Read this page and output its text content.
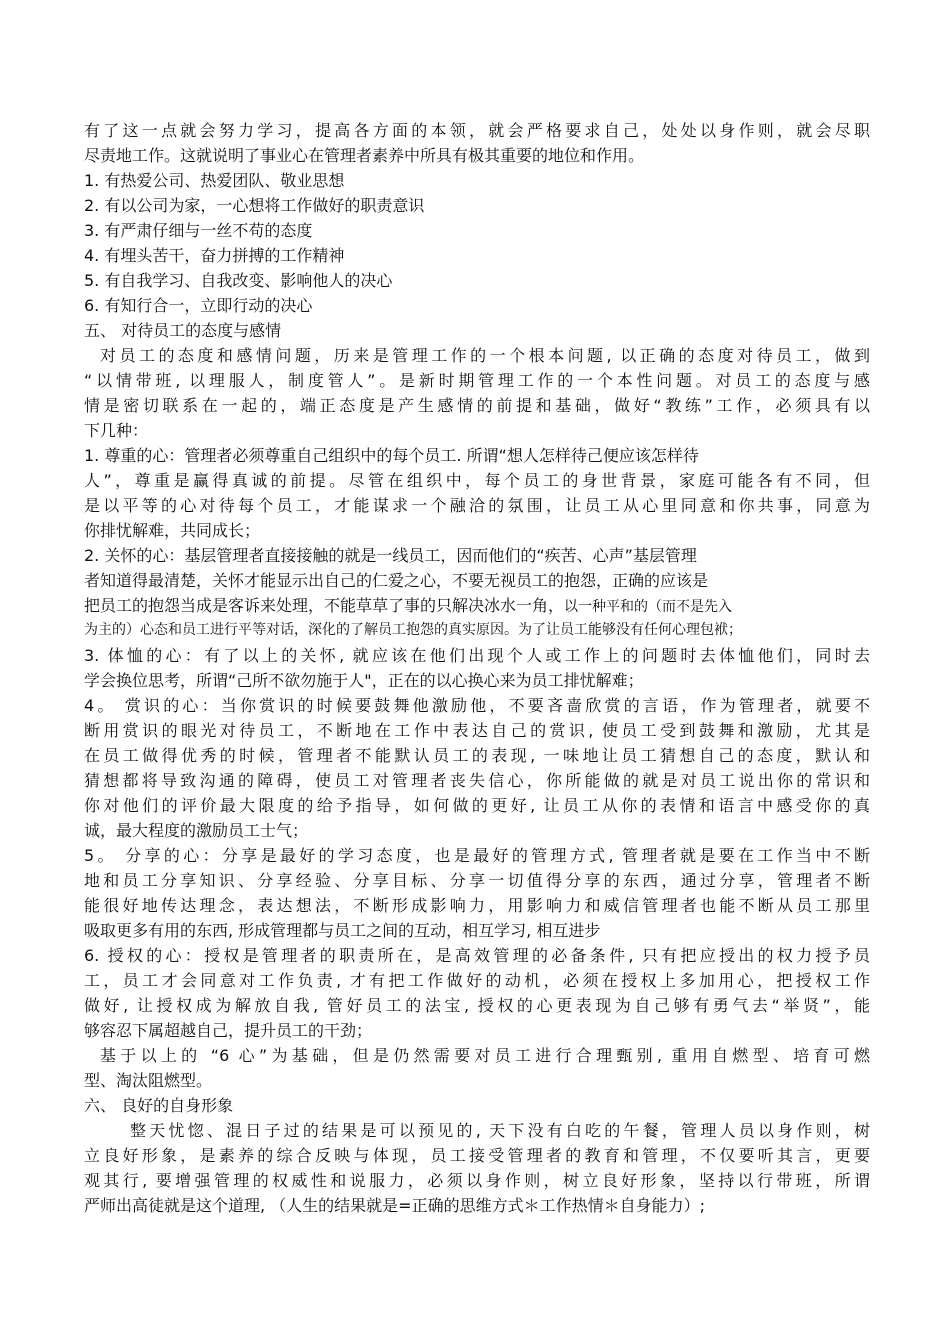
有了这一点就会努力学习，提高各方面的本领，就会严格要求自己，处处以身作则，就会尽职
尽责地工作。这就说明了事业心在管理者素养中所具有极其重要的地位和作用。
1. 有热爱公司、热爱团队、敬业思想
2. 有以公司为家，一心想将工作做好的职责意识
3. 有严肃仔细与一丝不苟的态度
4. 有埋头苦干，奋力拼搏的工作精神
5. 有自我学习、自我改变、影响他人的决心
6. 有知行合一，立即行动的决心
五、 对待员工的态度与感情
对员工的态度和感情问题，历来是管理工作的一个根本问题, 以正确的态度对待员工，做到
“以情带班, 以理服人，制度管人”。是新时期管理工作的一个本性问题。对员工的态度与感
情是密切联系在一起的，端正态度是产生感情的前提和基础，做好“教练”工作，必须具有以
下几种：
1. 尊重的心：管理者必须尊重自己组织中的每个员工. 所谓“想人怎样待己便应该怎样待
人”，尊重是赢得真诚的前提。尽管在组织中，每个员工的身世背景，家庭可能各有不同，但
是以平等的心对待每个员工，才能谋求一个融洽的氛围，让员工从心里同意和你共事，同意为
你排忧解难，共同成长；
2. 关怀的心：基层管理者直接接触的就是一线员工，因而他们的“疾苦、心声”基层管理
者知道得最清楚，关怀才能显示出自己的仁爱之心，不要无视员工的抱怨，正确的应该是
把员工的抱怨当成是客诉来处理，不能草草了事的只解决冰水一角，以一种平和的（而不是先入
为主的）心态和员工进行平等对话，深化的了解员工抱怨的真实原因。为了让员工能够没有任何心理包袱；
3. 体恤的心：有了以上的关怀, 就应该在他们出现个人或工作上的问题时去体恤他们，同时去
学会换位思考，所谓“己所不欲勿施于人"，正在的以心换心来为员工排忧解难；
4。 赏识的心：当你赏识的时候要鼓舞他激励他，不要吝啬欣赏的言语，作为管理者，就要不
断用赏识的眼光对待员工，不断地在工作中表达自己的赏识, 使员工受到鼓舞和激励，尤其是
在员工做得优秀的时候，管理者不能默认员工的表现, 一味地让员工猜想自己的态度，默认和
猜想都将导致沟通的障碍，使员工对管理者丧失信心，你所能做的就是对员工说出你的常识和
你对他们的评价最大限度的给予指导，如何做的更好, 让员工从你的表情和语言中感受你的真
诚，最大程度的激励员工士气；
5。 分享的心：分享是最好的学习态度，也是最好的管理方式, 管理者就是要在工作当中不断
地和员工分享知识、分享经验、分享目标、分享一切值得分享的东西，通过分享，管理者不断
能很好地传达理念，表达想法，不断形成影响力，用影响力和威信管理者也能不断从员工那里
吸取更多有用的东西, 形成管理都与员工之间的互动，相互学习, 相互进步
6. 授权的心：授权是管理者的职责所在，是高效管理的必备条件, 只有把应授出的权力授予员
工，员工才会同意对工作负责, 才有把工作做好的动机，必须在授权上多加用心，把授权工作
做好, 让授权成为解放自我, 管好员工的法宝, 授权的心更表现为自己够有勇气去“举贤”，能
够容忍下属超越自己，提升员工的干劲；
基于以上的 “6 心”为基础，但是仍然需要对员工进行合理甄别, 重用自燃型、培育可燃
型、淘汰阻燃型。
六、 良好的自身形象
整天忧惚、混日子过的结果是可以预见的, 天下没有白吃的午餐，管理人员以身作则，树
立良好形象，是素养的综合反映与体现，员工接受管理者的教育和管理，不仅要听其言，更要
观其行, 要增强管理的权威性和说服力，必须以身作则，树立良好形象，坚持以行带班，所谓
严师出高徒就是这个道理, （人生的结果就是=正确的思维方式＊工作热情＊自身能力）;
